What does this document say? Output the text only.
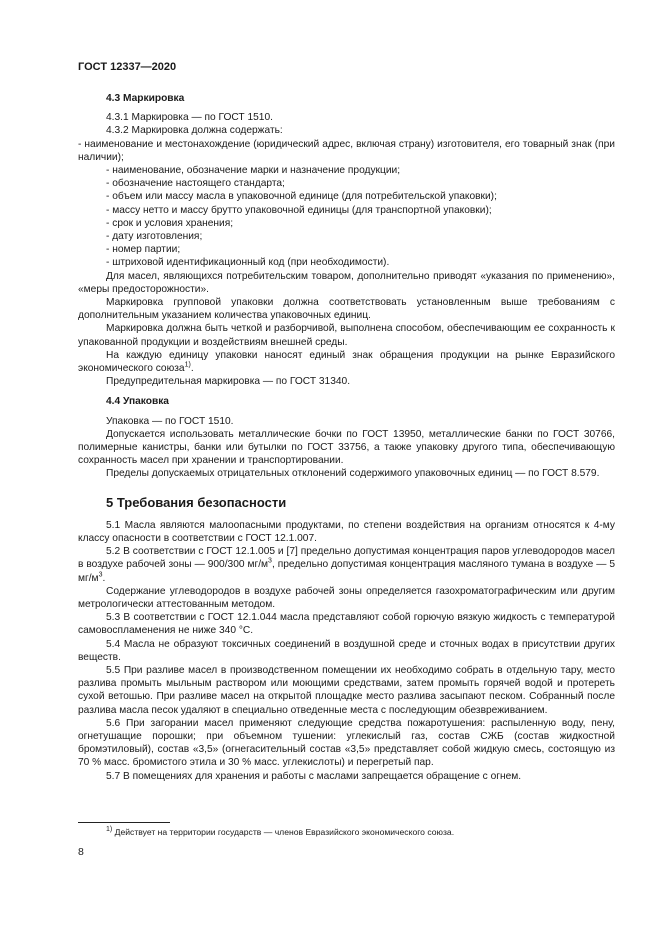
ГОСТ 12337—2020
4.3 Маркировка

4.3.1 Маркировка — по ГОСТ 1510.

4.3.2 Маркировка должна содержать:

- наименование и местонахождение (юридический адрес, включая страну) изготовителя, его товарный знак (при наличии);

- наименование, обозначение марки и назначение продукции;

- обозначение настоящего стандарта;

- объем или массу масла в упаковочной единице (для потребительской упаковки);

- массу нетто и массу брутто упаковочной единицы (для транспортной упаковки);

- срок и условия хранения;

- дату изготовления;

- номер партии;

- штриховой идентификационный код (при необходимости).

Для масел, являющихся потребительским товаром, дополнительно приводят «указания по применению», «меры предосторожности».

Маркировка групповой упаковки должна соответствовать установленным выше требованиям с дополнительным указанием количества упаковочных единиц.

Маркировка должна быть четкой и разборчивой, выполнена способом, обеспечивающим ее сохранность к упакованной продукции и воздействиям внешней среды.

На каждую единицу упаковки наносят единый знак обращения продукции на рынке Евразийского экономического союза$^{1)}$.

Предупредительная маркировка — по ГОСТ 31340.

4.4 Упаковка

Упаковка — по ГОСТ 1510.

Допускается использовать металлические бочки по ГОСТ 13950, металлические банки по ГОСТ 30766, полимерные канистры, банки или бутылки по ГОСТ 33756, а также упаковку другого типа, обеспечивающую сохранность масел при хранении и транспортировании.

Пределы допускаемых отрицательных отклонений содержимого упаковочных единиц — по ГОСТ 8.579.

5 Требования безопасности

5.1 Масла являются малоопасными продуктами, по степени воздействия на организм относятся к 4-му классу опасности в соответствии с ГОСТ 12.1.007.

5.2 В соответствии с ГОСТ 12.1.005 и [7] предельно допустимая концентрация паров углеводородов масел в воздухе рабочей зоны — 900/300 $мг/м^3$, предельно допустимая концентрация масляного тумана в воздухе — 5 $мг/м^3$.

Содержание углеводородов в воздухе рабочей зоны определяется газохроматографическим или другим метрологически аттестованным методом.

5.3 В соответствии с ГОСТ 12.1.044 масла представляют собой горючую вязкую жидкость с температурой самовоспламенения не ниже 340 °С.

5.4 Масла не образуют токсичных соединений в воздушной среде и сточных водах в присутствии других веществ.

5.5 При разливе масел в производственном помещении их необходимо собрать в отдельную тару, место разлива промыть мыльным раствором или моющими средствами, затем промыть горячей водой и протереть сухой ветошью. При разливе масел на открытой площадке место разлива засыпают песком. Собранный после разлива масла песок удаляют в специально отведенные места с последующим обезвреживанием.

5.6 При загорании масел применяют следующие средства пожаротушения: распыленную воду, пену, огнетушащие порошки; при объемном тушении: углекислый газ, состав СЖБ (состав жидкостной бромэтиловый), состав «3,5» (огнегасительный состав «3,5» представляет собой жидкую смесь, состоящую из 70 % масс. бромистого этила и 30 % масс. углекислоты) и перегретый пар.

5.7 В помещениях для хранения и работы с маслами запрещается обращение с огнем.

$^{1)}$ Действует на территории государств — членов Евразийского экономического союза.
8
